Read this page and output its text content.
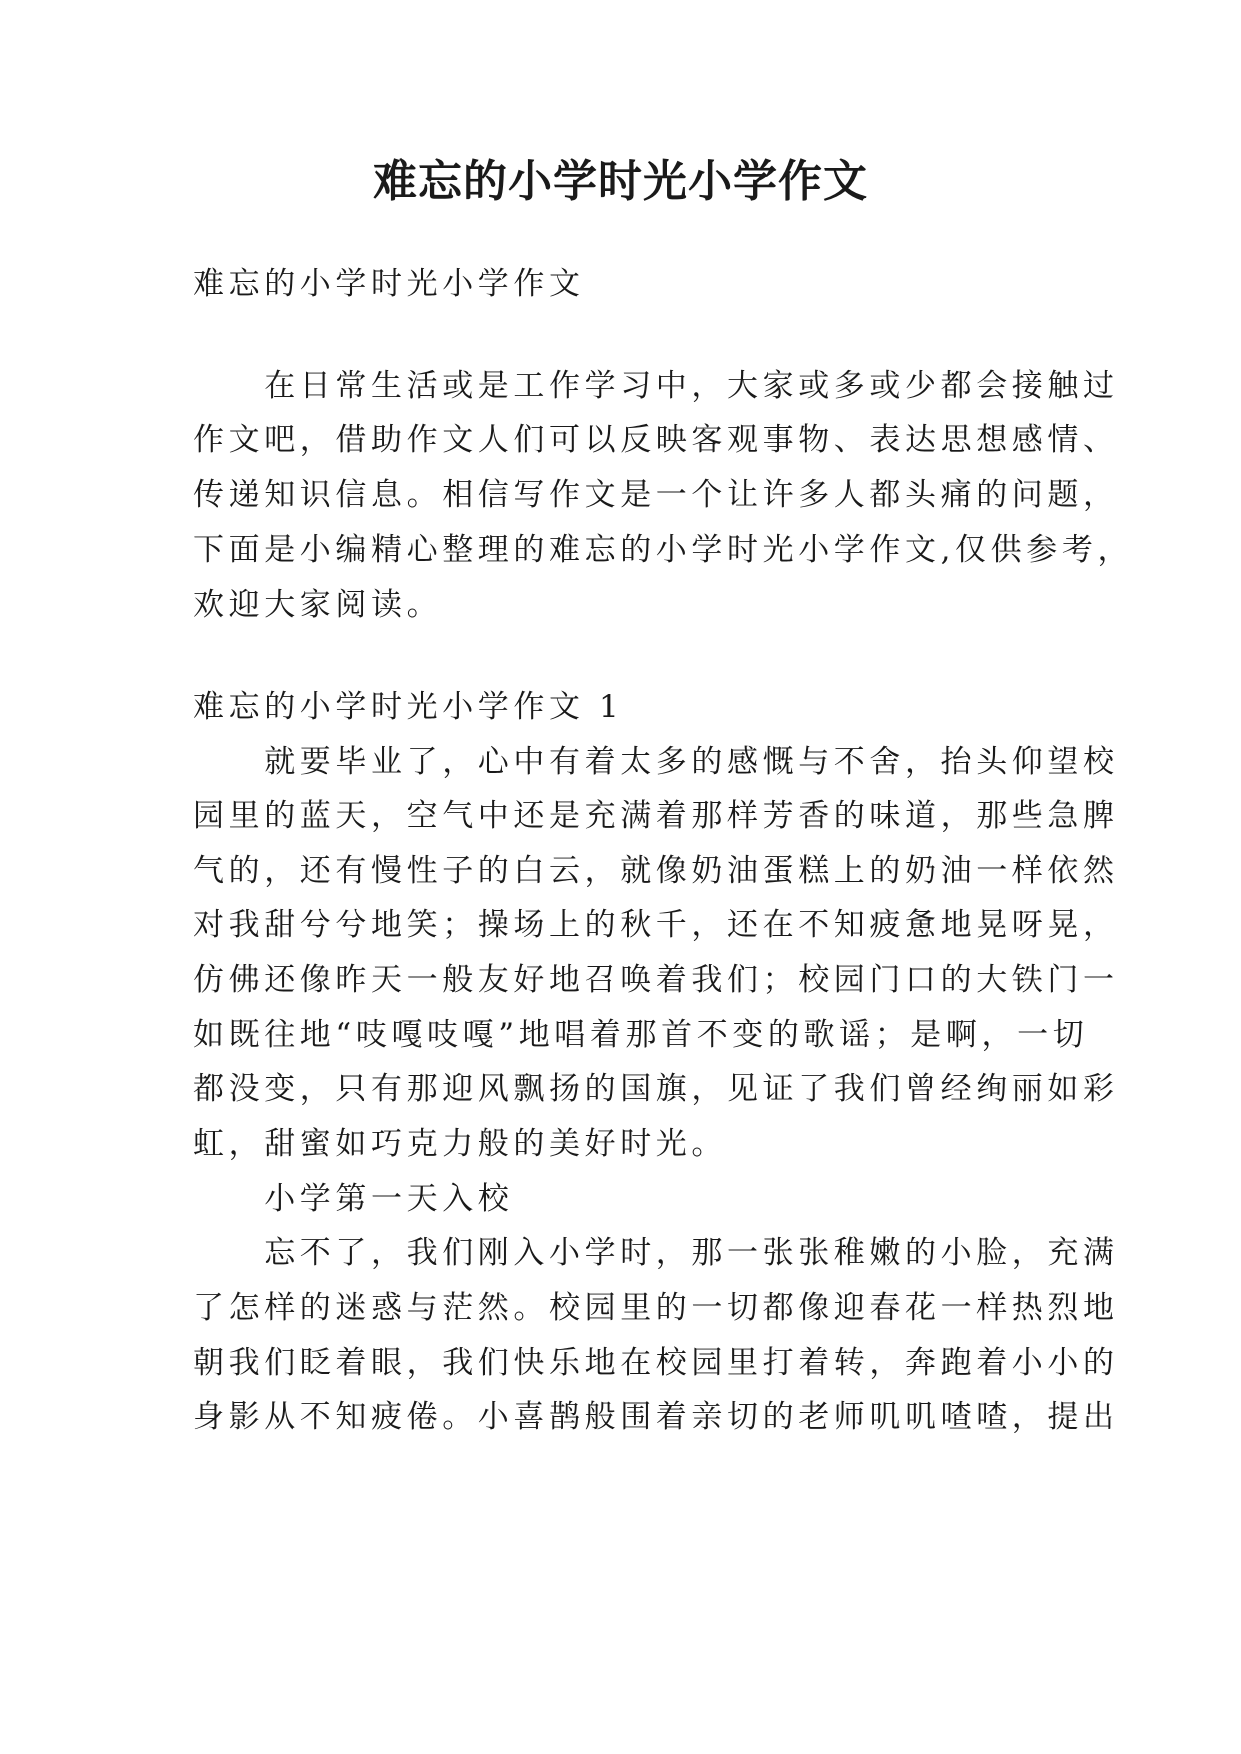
难忘的小学时光小学作文
难忘的小学时光小学作文
　　在日常生活或是工作学习中，大家或多或少都会接触过
作文吧，借助作文人们可以反映客观事物、表达思想感情、
传递知识信息。相信写作文是一个让许多人都头痛的问题，
下面是小编精心整理的难忘的小学时光小学作文,仅供参考，
欢迎大家阅读。
难忘的小学时光小学作文 1
　　就要毕业了，心中有着太多的感慨与不舍，抬头仰望校
园里的蓝天，空气中还是充满着那样芳香的味道，那些急脾
气的，还有慢性子的白云，就像奶油蛋糕上的奶油一样依然
对我甜兮兮地笑；操场上的秋千，还在不知疲惫地晃呀晃，
仿佛还像昨天一般友好地召唤着我们；校园门口的大铁门一
如既往地“吱嘎吱嘎”地唱着那首不变的歌谣；是啊，一切
都没变，只有那迎风飘扬的国旗，见证了我们曾经绚丽如彩
虹，甜蜜如巧克力般的美好时光。
　　小学第一天入校
　　忘不了，我们刚入小学时，那一张张稚嫩的小脸，充满
了怎样的迷惑与茫然。校园里的一切都像迎春花一样热烈地
朝我们眨着眼，我们快乐地在校园里打着转，奔跑着小小的
身影从不知疲倦。小喜鹊般围着亲切的老师叽叽喳喳，提出
